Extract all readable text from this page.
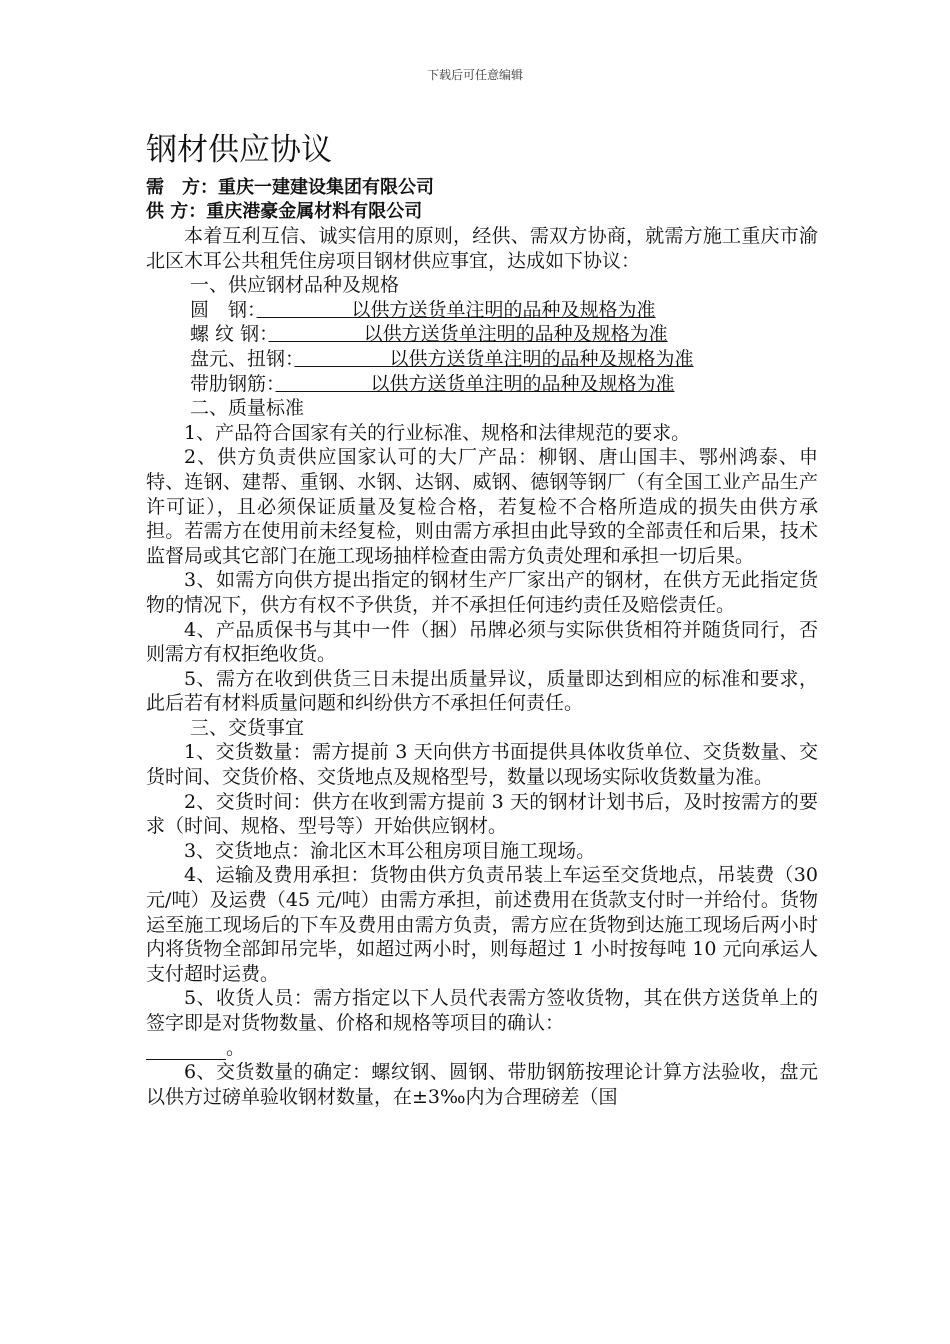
下载后可任意编辑
钢材供应协议
需　方：重庆一建建设集团有限公司
供 方：重庆港豪金属材料有限公司

本着互利互信、诚实信用的原则，经供、需双方协商，就需方施工重庆市渝北区木耳公共租凭住房项目钢材供应事宜，达成如下协议：

一、供应钢材品种及规格

圆　钢：　　　　　以供方送货单注明的品种及规格为准
螺 纹 钢：　　　　　以供方送货单注明的品种及规格为准
盘元、扭钢：　　　　　以供方送货单注明的品种及规格为准
带肋钢筋：　　　　　以供方送货单注明的品种及规格为准

二、质量标准

1、产品符合国家有关的行业标准、规格和法律规范的要求。

2、供方负责供应国家认可的大厂产品：柳钢、唐山国丰、鄂州鸿泰、申特、连钢、建帮、重钢、水钢、达钢、威钢、德钢等钢厂（有全国工业产品生产许可证），且必须保证质量及复检合格，若复检不合格所造成的损失由供方承担。若需方在使用前未经复检，则由需方承担由此导致的全部责任和后果，技术监督局或其它部门在施工现场抽样检查由需方负责处理和承担一切后果。

3、如需方向供方提出指定的钢材生产厂家出产的钢材，在供方无此指定货物的情况下，供方有权不予供货，并不承担任何违约责任及赔偿责任。

4、产品质保书与其中一件（捆）吊牌必须与实际供货相符并随货同行，否则需方有权拒绝收货。

5、需方在收到供货三日未提出质量异议，质量即达到相应的标准和要求，此后若有材料质量问题和纠纷供方不承担任何责任。

三、交货事宜

1、交货数量：需方提前 3 天向供方书面提供具体收货单位、交货数量、交货时间、交货价格、交货地点及规格型号，数量以现场实际收货数量为准。

2、交货时间：供方在收到需方提前 3 天的钢材计划书后，及时按需方的要求（时间、规格、型号等）开始供应钢材。

3、交货地点：渝北区木耳公租房项目施工现场。

4、运输及费用承担：货物由供方负责吊装上车运至交货地点，吊装费（30 元/吨）及运费（45 元/吨）由需方承担，前述费用在货款支付时一并给付。货物运至施工现场后的下车及费用由需方负责，需方应在货物到达施工现场后两小时内将货物全部卸吊完毕，如超过两小时，则每超过 1 小时按每吨 10 元向承运人支付超时运费。

5、收货人员：需方指定以下人员代表需方签收货物，其在供方送货单上的签字即是对货物数量、价格和规格等项目的确认：

。

6、交货数量的确定：螺纹钢、圆钢、带肋钢筋按理论计算方法验收，盘元以供方过磅单验收钢材数量，在±3‰内为合理磅差（国
